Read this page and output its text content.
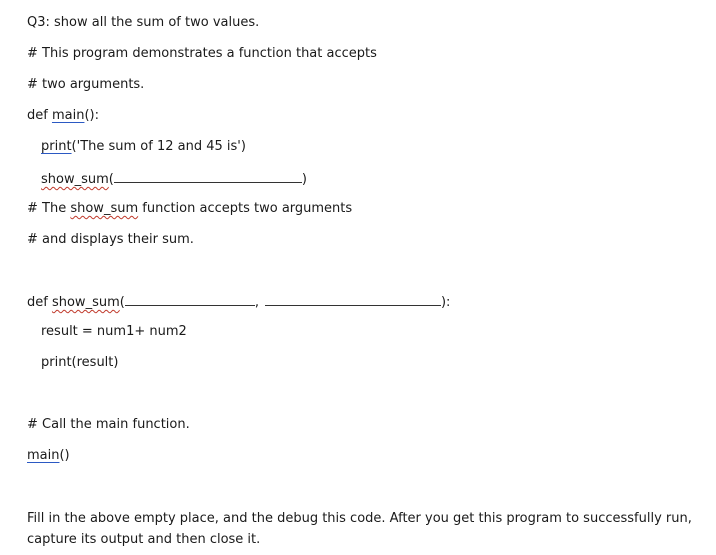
Q3: show all the sum of two values.
# This program demonstrates a function that accepts
# two arguments.
def main():
print('The sum of 12 and 45 is')
show_sum(	)
# The show_sum function accepts two arguments
# and displays their sum.
def show_sum(	,	):
result = num1+ num2
print(result)
# Call the main function.
main()
Fill in the above empty place, and the debug this code. After you get this program to successfully run, capture its output and then close it.
